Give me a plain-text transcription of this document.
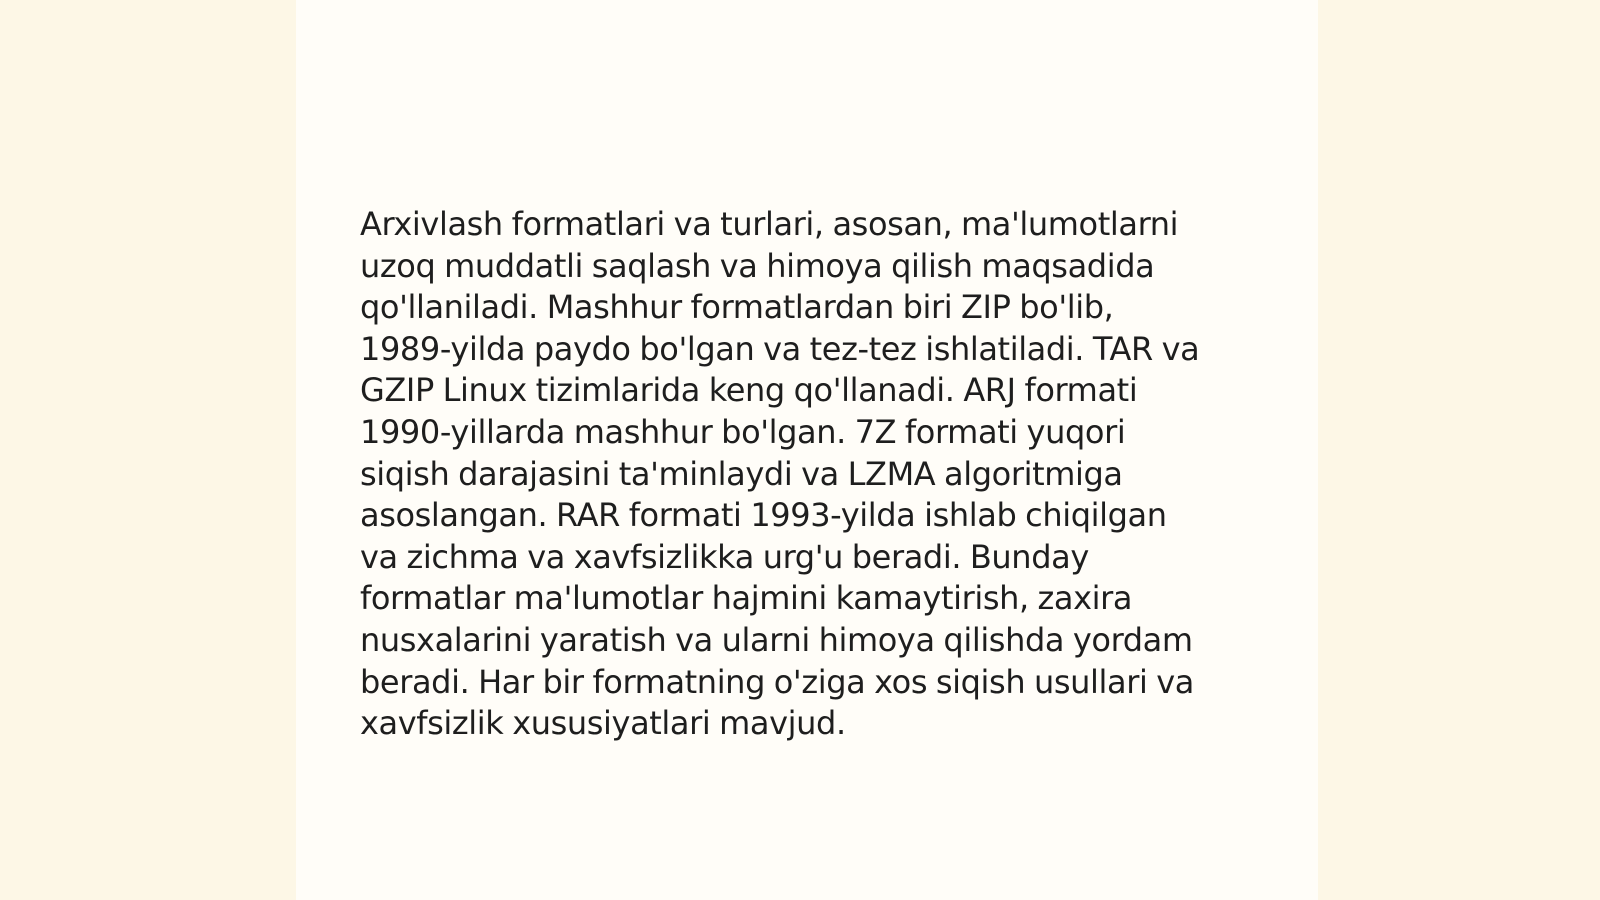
Arxivlash formatlari va turlari, asosan, ma'lumotlarni
uzoq muddatli saqlash va himoya qilish maqsadida
qo'llaniladi. Mashhur formatlardan biri ZIP bo'lib,
1989-yilda paydo bo'lgan va tez-tez ishlatiladi. TAR va
GZIP Linux tizimlarida keng qo'llanadi. ARJ formati
1990-yillarda mashhur bo'lgan. 7Z formati yuqori
siqish darajasini ta'minlaydi va LZMA algoritmiga
asoslangan. RAR formati 1993-yilda ishlab chiqilgan
va zichma va xavfsizlikka urg'u beradi. Bunday
formatlar ma'lumotlar hajmini kamaytirish, zaxira
nusxalarini yaratish va ularni himoya qilishda yordam
beradi. Har bir formatning o'ziga xos siqish usullari va
xavfsizlik xususiyatlari mavjud.
